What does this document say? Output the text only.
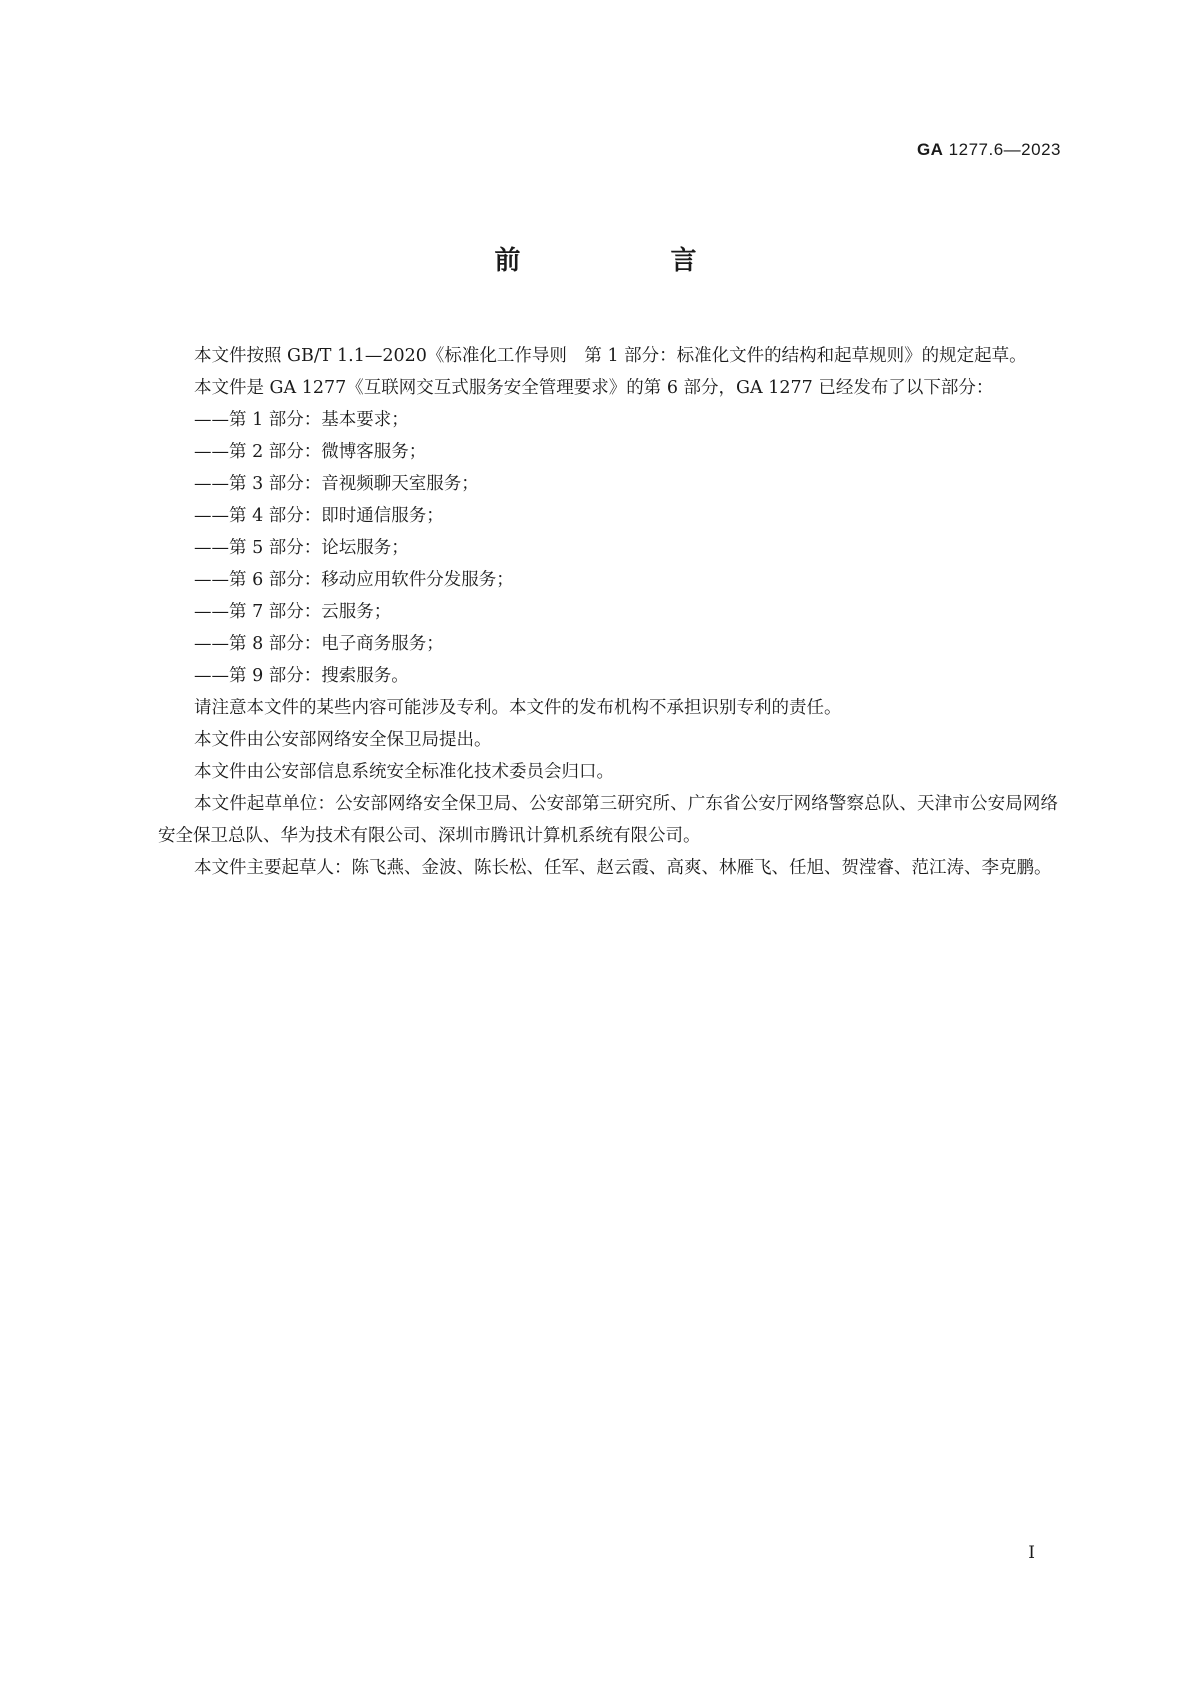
GA 1277.6—2023
前　言

本文件按照 GB/T 1.1—2020《标准化工作导则　第 1 部分：标准化文件的结构和起草规则》的规定起草。

本文件是 GA 1277《互联网交互式服务安全管理要求》的第 6 部分，GA 1277 已经发布了以下部分：

——第 1 部分：基本要求；

——第 2 部分：微博客服务；

——第 3 部分：音视频聊天室服务；

——第 4 部分：即时通信服务；

——第 5 部分：论坛服务；

——第 6 部分：移动应用软件分发服务；

——第 7 部分：云服务；

——第 8 部分：电子商务服务；

——第 9 部分：搜索服务。

请注意本文件的某些内容可能涉及专利。本文件的发布机构不承担识别专利的责任。

本文件由公安部网络安全保卫局提出。

本文件由公安部信息系统安全标准化技术委员会归口。

本文件起草单位：公安部网络安全保卫局、公安部第三研究所、广东省公安厅网络警察总队、天津市公安局网络安全保卫总队、华为技术有限公司、深圳市腾讯计算机系统有限公司。

本文件主要起草人：陈飞燕、金波、陈长松、任军、赵云霞、高爽、林雁飞、任旭、贺滢睿、范江涛、李克鹏。

I
